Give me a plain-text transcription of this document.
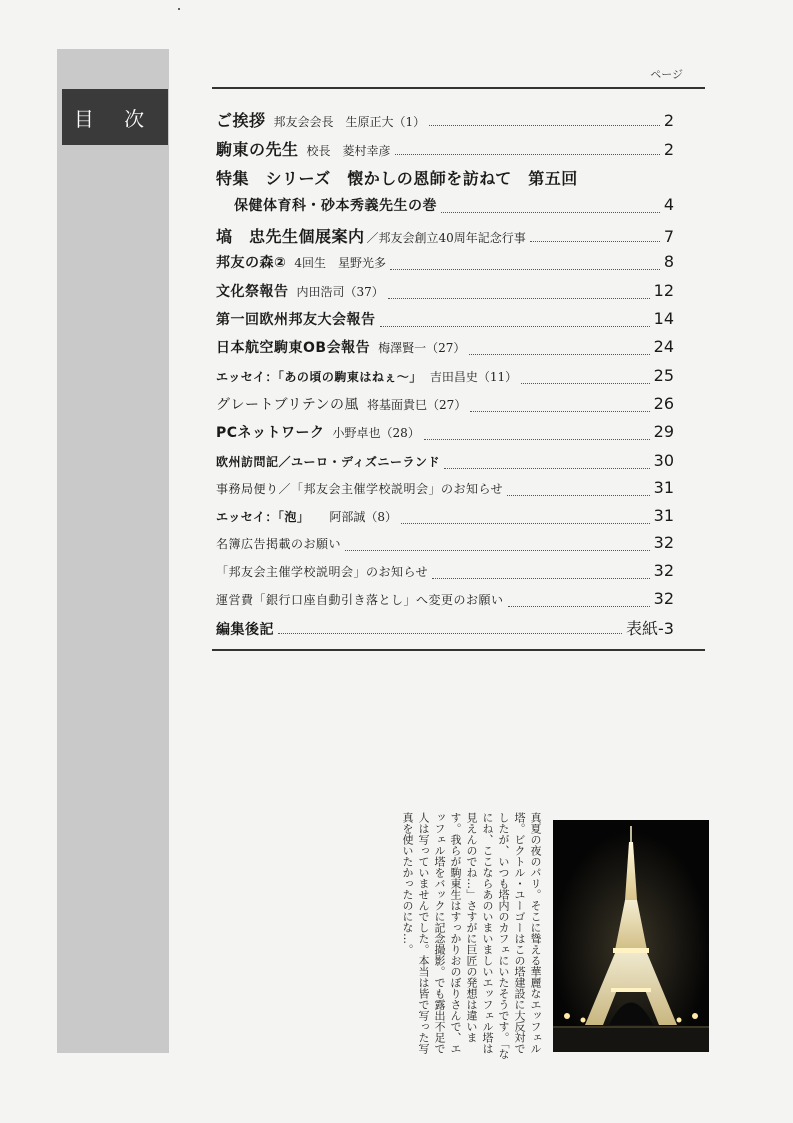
目 次
ページ
ご挨拶 邦友会会長　生原正大（1）	2
駒東の先生 校長　菱村幸彦	2
特集　シリーズ　懐かしの恩師を訪ねて　第五回
保健体育科・砂本秀義先生の巻	4
塙　忠先生個展案内 ／邦友会創立40周年記念行事	7
邦友の森② 4回生　星野光多	8
文化祭報告 内田浩司（37）	12
第一回欧州邦友大会報告	14
日本航空駒東OB会報告 梅澤賢一（27）	24
エッセイ：「あの頃の駒東はねぇ～」 吉田昌史（11）	25
グレートブリテンの風 将基面貴巳（27）	26
PCネットワーク 小野卓也（28）	29
欧州訪問記／ユーロ・ディズニーランド	30
事務局便り／「邦友会主催学校説明会」のお知らせ	31
エッセイ：「泡」 阿部誠（8）	31
名簿広告掲載のお願い	32
「邦友会主催学校説明会」のお知らせ	32
運営費「銀行口座自動引き落とし」へ変更のお願い	32
編集後記	表紙-3
真夏の夜のパリ。そこに聳える華麗なエッフェル塔。ビクトル・ユーゴーはこの塔建設に大反対でしたが、いつも塔内のカフェにいたそうです。「なにね、ここならあのいまいましいエッフェル塔は見えんのでね…」さすがに巨匠の発想は違います。我らが駒東生はすっかりおのぼりさんで、エッフェル塔をバックに記念撮影。でも露出不足で人は写っていませんでした。本当は皆で写った写真を使いたかったのにな…。
